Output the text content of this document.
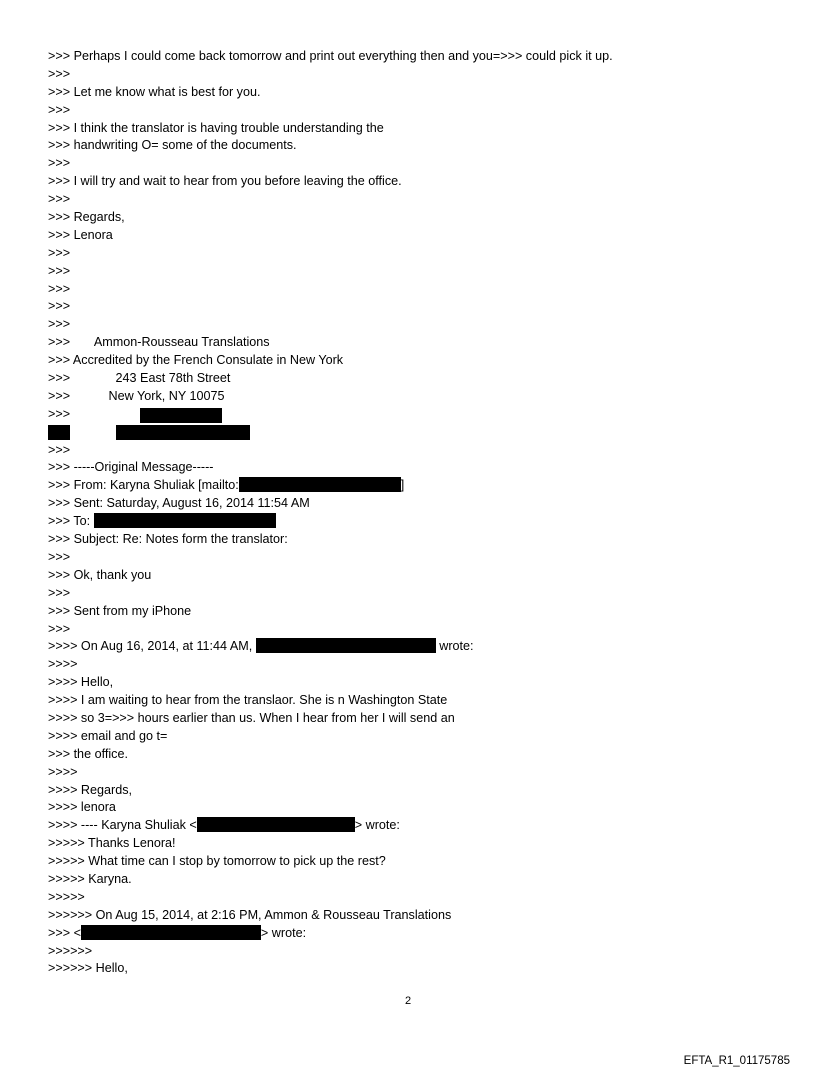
>>> Perhaps I could come back tomorrow and print out everything then and you=>>> could pick it up.
>>>
>>> Let me know what is best for you.
>>>
>>> I think the translator is having trouble understanding the
>>> handwriting O= some of the documents.
>>>
>>> I will try and wait to hear from you before leaving the office.
>>>
>>> Regards,
>>> Lenora
>>>
>>>
>>>
>>>
>>>
>>>       Ammon-Rousseau Translations
>>> Accredited by the French Consulate in New York
>>>             243 East 78th Street
>>>           New York, NY 10075
>>>
>>>
>>> -----Original Message-----
>>> From: Karyna Shuliak [mailto:	]
>>> Sent: Saturday, August 16, 2014 11:54 AM
>>> To:
>>> Subject: Re: Notes form the translator:
>>>
>>> Ok, thank you
>>>
>>> Sent from my iPhone
>>>
>>>> On Aug 16, 2014, at 11:44 AM,	wrote:
>>>>
>>>> Hello,
>>>> I am waiting to hear from the translaor. She is n Washington State
>>>> so 3=>>> hours earlier than us. When I hear from her I will send an
>>>> email and go t=
>>> the office.
>>>>
>>>> Regards,
>>>> lenora
>>>> ---- Karyna Shuliak <	> wrote:
>>>>> Thanks Lenora!
>>>>> What time can I stop by tomorrow to pick up the rest?
>>>>> Karyna.
>>>>>
>>>>>> On Aug 15, 2014, at 2:16 PM, Ammon & Rousseau Translations
>>> <	> wrote:
>>>>>>
>>>>>> Hello,
2
EFTA_R1_01175785
